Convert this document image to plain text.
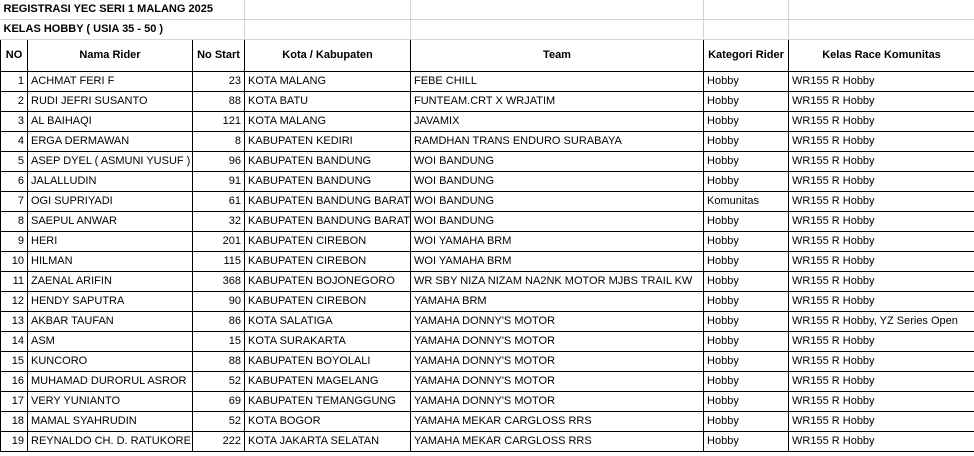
REGISTRASI YEC SERI 1 MALANG 2025						
KELAS HOBBY ( USIA 35 - 50 )						
NO	Nama Rider	No Start	Kota / Kabupaten	Team	Kategori Rider	Kelas Race Komunitas
1	ACHMAT FERI F	23	KOTA MALANG	FEBE CHILL	Hobby	WR155 R Hobby
2	RUDI JEFRI SUSANTO	88	KOTA BATU	FUNTEAM.CRT X WRJATIM	Hobby	WR155 R Hobby
3	AL BAIHAQI	121	KOTA MALANG	JAVAMIX	Hobby	WR155 R Hobby
4	ERGA DERMAWAN	8	KABUPATEN KEDIRI	RAMDHAN TRANS ENDURO SURABAYA	Hobby	WR155 R Hobby
5	ASEP DYEL ( ASMUNI YUSUF )	96	KABUPATEN BANDUNG	WOI BANDUNG	Hobby	WR155 R Hobby
6	JALALLUDIN	91	KABUPATEN BANDUNG	WOI BANDUNG	Hobby	WR155 R Hobby
7	OGI SUPRIYADI	61	KABUPATEN BANDUNG BARAT	WOI BANDUNG	Komunitas	WR155 R Hobby
8	SAEPUL ANWAR	32	KABUPATEN BANDUNG BARAT	WOI BANDUNG	Hobby	WR155 R Hobby
9	HERI	201	KABUPATEN CIREBON	WOI YAMAHA BRM	Hobby	WR155 R Hobby
10	HILMAN	115	KABUPATEN CIREBON	WOI YAMAHA BRM	Hobby	WR155 R Hobby
11	ZAENAL ARIFIN	368	KABUPATEN BOJONEGORO	WR SBY NIZA NIZAM NA2NK MOTOR MJBS TRAIL KW	Hobby	WR155 R Hobby
12	HENDY SAPUTRA	90	KABUPATEN CIREBON	YAMAHA BRM	Hobby	WR155 R Hobby
13	AKBAR TAUFAN	86	KOTA SALATIGA	YAMAHA DONNY'S MOTOR	Hobby	WR155 R Hobby, YZ Series Open
14	ASM	15	KOTA SURAKARTA	YAMAHA DONNY'S MOTOR	Hobby	WR155 R Hobby
15	KUNCORO	88	KABUPATEN BOYOLALI	YAMAHA DONNY'S MOTOR	Hobby	WR155 R Hobby
16	MUHAMAD DURORUL ASROR	52	KABUPATEN MAGELANG	YAMAHA DONNY'S MOTOR	Hobby	WR155 R Hobby
17	VERY YUNIANTO	69	KABUPATEN TEMANGGUNG	YAMAHA DONNY'S MOTOR	Hobby	WR155 R Hobby
18	MAMAL SYAHRUDIN	52	KOTA BOGOR	YAMAHA MEKAR CARGLOSS RRS	Hobby	WR155 R Hobby
19	REYNALDO CH. D. RATUKORE	222	KOTA JAKARTA SELATAN	YAMAHA MEKAR CARGLOSS RRS	Hobby	WR155 R Hobby
